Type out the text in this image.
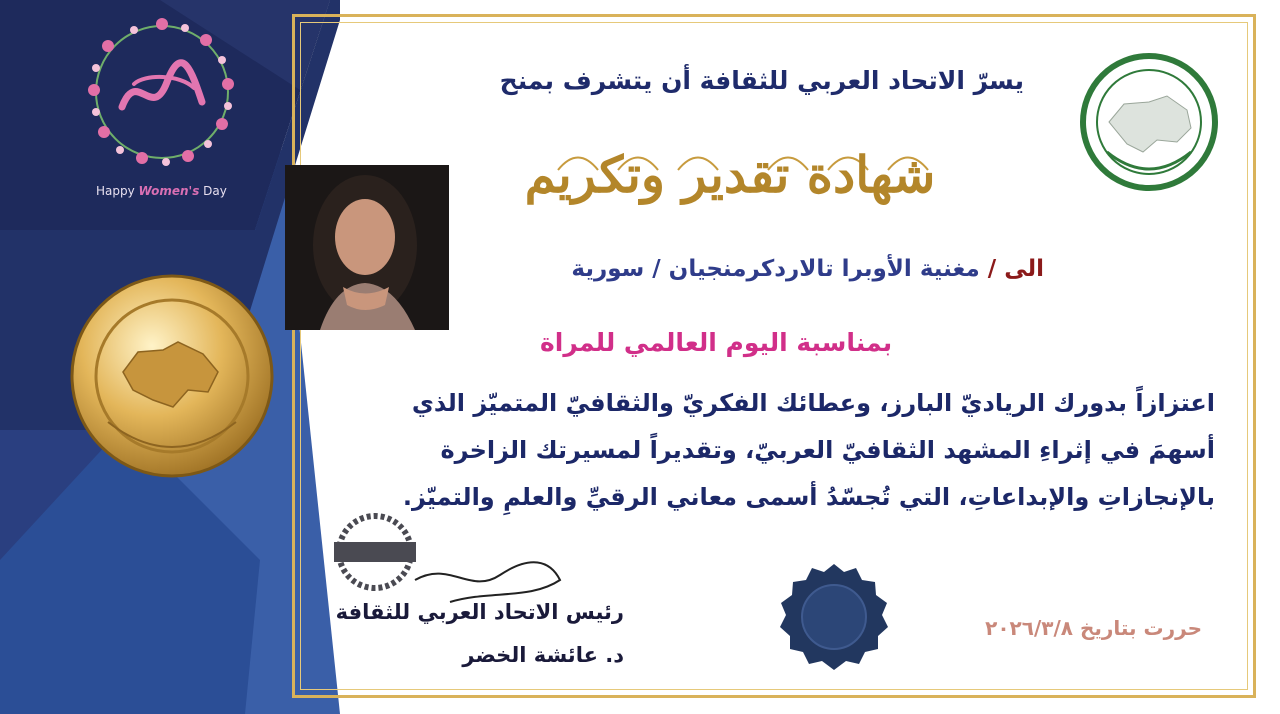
Happy Women's Day
يسرّ الاتحاد العربي للثقافة أن يتشرف بمنح
شهادة تقدير وتكريم
الى / مغنية الأوبرا تالاردكرمنجيان / سورية
بمناسبة اليوم العالمي للمراة
اعتزازاً بدورك الرياديّ البارز، وعطائك الفكريّ والثقافيّ المتميّز الذي
أسهمَ في إثراءِ المشهد الثقافيّ العربيّ، وتقديراً لمسيرتك الزاخرة
بالإنجازاتِ والإبداعاتِ، التي تُجسّدُ أسمى معاني الرقيِّ والعلمِ والتميّز.
رئيس الاتحاد العربي للثقافة
د. عائشة الخضر
حررت بتاريخ ٢٠٢٦/٣/٨
